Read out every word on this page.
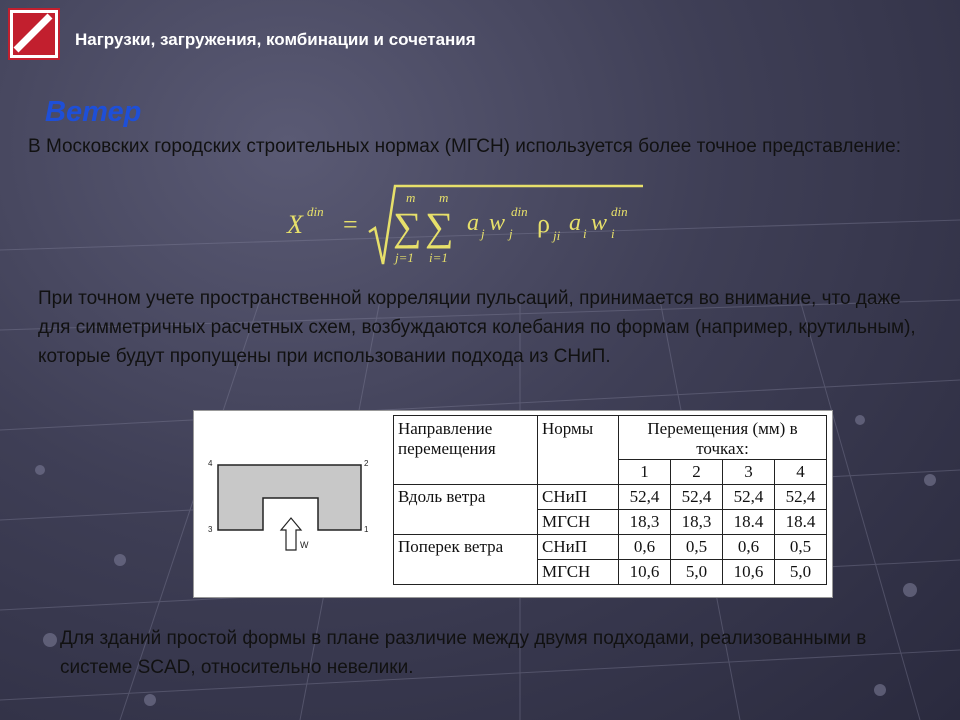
Нагрузки, загружения, комбинации и сочетания
Ветер
В Московских городских строительных нормах (МГСН) используется более точное представление:
X din =
m
∑
j=1
m
∑
i=1
a j w j
din ρ ji a i w i
din
При точном учете пространственной корреляции пульсаций, принимается во внимание, что даже для симметричных расчетных схем, возбуждаются колебания по формам (например, крутильным), которые будут пропущены при использовании подхода из СНиП.
4	2
3	1
W
Направление перемещения	Нормы	Перемещения (мм) в точках:			
		1	2	3	4
Вдоль ветра	СНиП	52,4	52,4	52,4	52,4
	МГСН	18,3	18,3	18.4	18.4
Поперек ветра	СНиП	0,6	0,5	0,6	0,5
	МГСН	10,6	5,0	10,6	5,0
Для зданий простой формы в плане различие между двумя подходами, реализованными в системе SCAD, относительно невелики.
